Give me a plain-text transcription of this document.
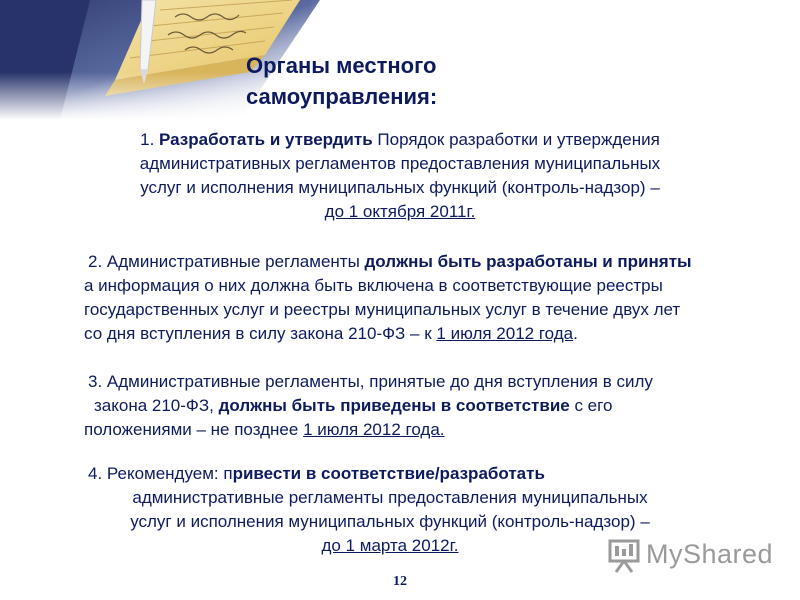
Органы местного
самоуправления:
1. Разработать и утвердить Порядок разработки и утверждения
административных регламентов предоставления муниципальных
услуг и исполнения муниципальных функций (контроль-надзор) –
до 1 октября 2011г.
2. Административные регламенты должны быть разработаны и приняты
а информация о них должна быть включена в соответствующие реестры
государственных услуг и реестры муниципальных услуг в течение двух лет
со дня вступления в силу закона 210-ФЗ – к 1 июля 2012 года.
3. Административные регламенты, принятые до дня вступления в силу
закона 210-ФЗ, должны быть приведены в соответствие с его
положениями – не позднее 1 июля 2012 года.
4. Рекомендуем: привести в соответствие/разработать
административные регламенты предоставления муниципальных
услуг и исполнения муниципальных функций (контроль-надзор) –
до 1 марта 2012г.	MyShared
12
